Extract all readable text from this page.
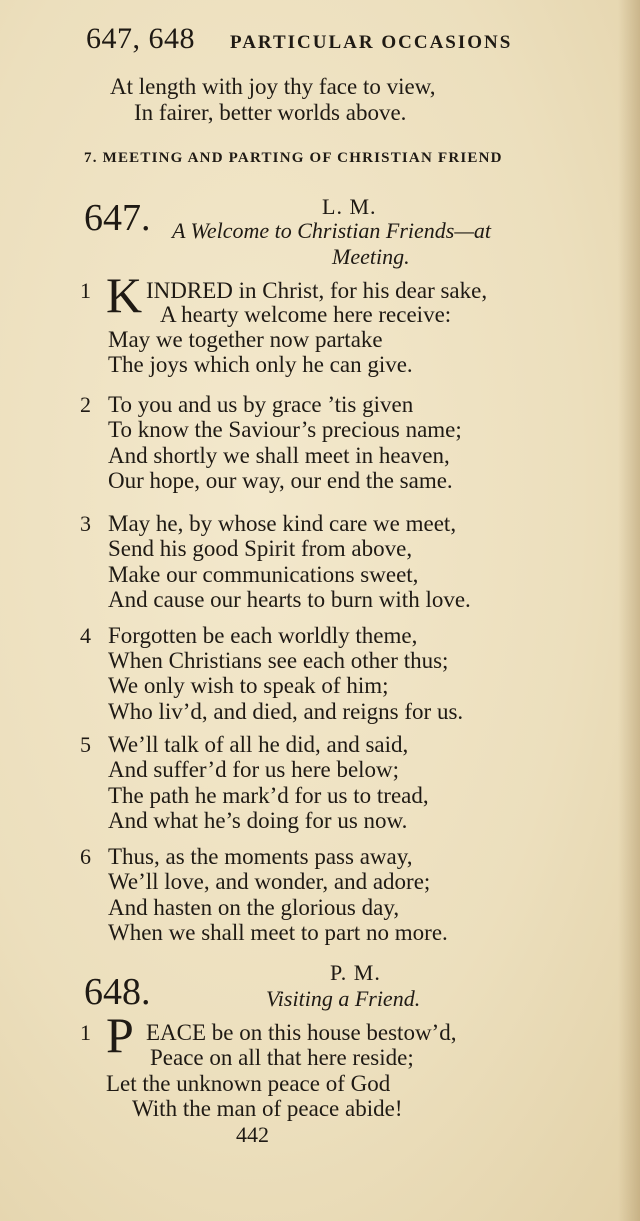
647, 648 PARTICULAR OCCASIONS
At length with joy thy face to view,
In fairer, better worlds above.
7. MEETING AND PARTING OF CHRISTIAN FRIEND
647.	L. M.
A Welcome to Christian Friends—at
Meeting.
1 K INDRED in Christ, for his dear sake,
A hearty welcome here receive:
May we together now partake
The joys which only he can give.
2 To you and us by grace ’tis given
To know the Saviour’s precious name;
And shortly we shall meet in heaven,
Our hope, our way, our end the same.
3 May he, by whose kind care we meet,
Send his good Spirit from above,
Make our communications sweet,
And cause our hearts to burn with love.
4 Forgotten be each worldly theme,
When Christians see each other thus;
We only wish to speak of him;
Who liv’d, and died, and reigns for us.
5 We’ll talk of all he did, and said,
And suffer’d for us here below;
The path he mark’d for us to tread,
And what he’s doing for us now.
6 Thus, as the moments pass away,
We’ll love, and wonder, and adore;
And hasten on the glorious day,
When we shall meet to part no more.
P. M.
648.	Visiting a Friend.
1 P EACE be on this house bestow’d,
Peace on all that here reside;
Let the unknown peace of God
With the man of peace abide!
442
